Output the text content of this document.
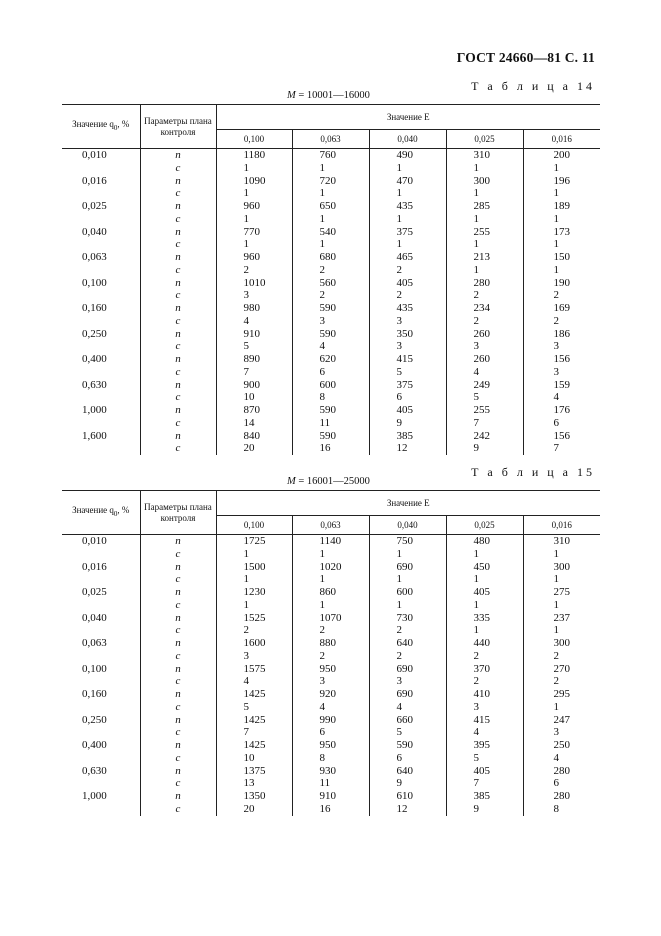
ГОСТ 24660—81 С. 11
Т а б л и ц а 14
M = 10001—16000
Значение $q_0$, %	Параметры плана контроля	Значение E				
		0,100	0,063	0,040	0,025	0,016
0,010	n	1180	760	490	310	200
	c	1	1	1	1	1
0,016	n	1090	720	470	300	196
	c	1	1	1	1	1
0,025	n	960	650	435	285	189
	c	1	1	1	1	1
0,040	n	770	540	375	255	173
	c	1	1	1	1	1
0,063	n	960	680	465	213	150
	c	2	2	2	1	1
0,100	n	1010	560	405	280	190
	c	3	2	2	2	2
0,160	n	980	590	435	234	169
	c	4	3	3	2	2
0,250	n	910	590	350	260	186
	c	5	4	3	3	3
0,400	n	890	620	415	260	156
	c	7	6	5	4	3
0,630	n	900	600	375	249	159
	c	10	8	6	5	4
1,000	n	870	590	405	255	176
	c	14	11	9	7	6
1,600	n	840	590	385	242	156
	c	20	16	12	9	7
Т а б л и ц а 15
M = 16001—25000
Значение $q_0$, %	Параметры плана контроля	Значение E				
		0,100	0,063	0,040	0,025	0,016
0,010	n	1725	1140	750	480	310
	c	1	1	1	1	1
0,016	n	1500	1020	690	450	300
	c	1	1	1	1	1
0,025	n	1230	860	600	405	275
	c	1	1	1	1	1
0,040	n	1525	1070	730	335	237
	c	2	2	2	1	1
0,063	n	1600	880	640	440	300
	c	3	2	2	2	2
0,100	n	1575	950	690	370	270
	c	4	3	3	2	2
0,160	n	1425	920	690	410	295
	c	5	4	4	3	1
0,250	n	1425	990	660	415	247
	c	7	6	5	4	3
0,400	n	1425	950	590	395	250
	c	10	8	6	5	4
0,630	n	1375	930	640	405	280
	c	13	11	9	7	6
1,000	n	1350	910	610	385	280
	c	20	16	12	9	8
